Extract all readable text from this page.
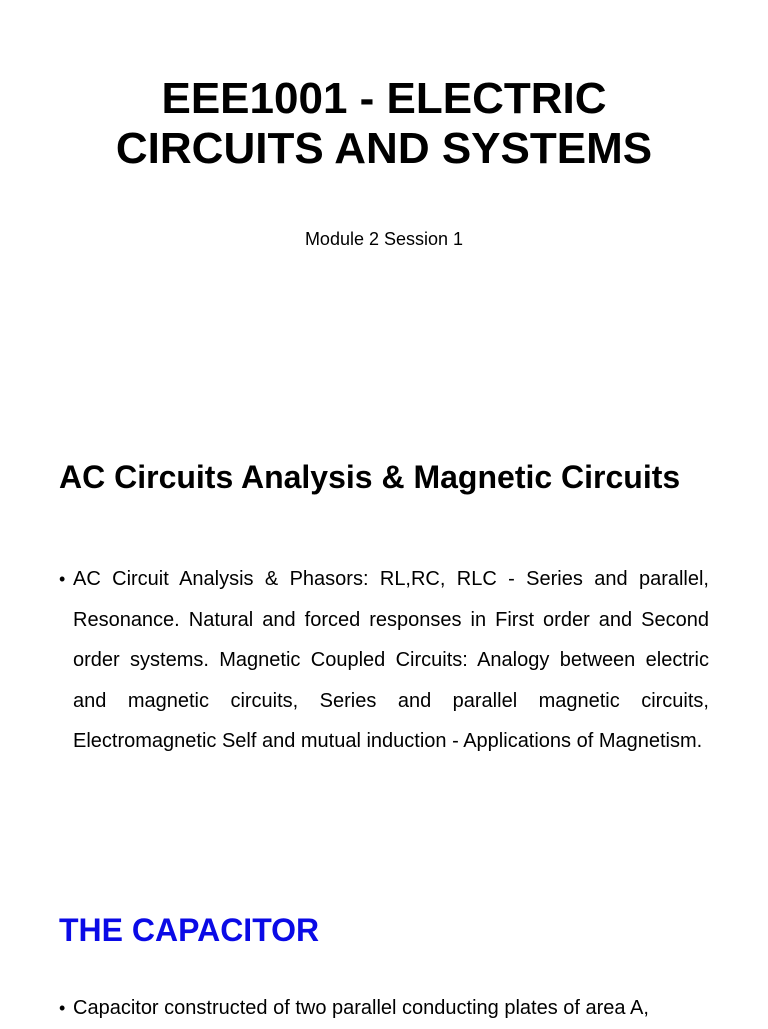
EEE1001 - ELECTRIC CIRCUITS AND SYSTEMS

Module 2 Session 1

AC Circuits Analysis & Magnetic Circuits
• AC Circuit Analysis & Phasors: RL,RC, RLC - Series and parallel, Resonance. Natural and forced responses in First order and Second order systems. Magnetic Coupled Circuits: Analogy between electric and magnetic circuits, Series and parallel magnetic circuits, Electromagnetic Self and mutual induction - Applications of Magnetism.
THE CAPACITOR
• Capacitor constructed of two parallel conducting plates of area A,
